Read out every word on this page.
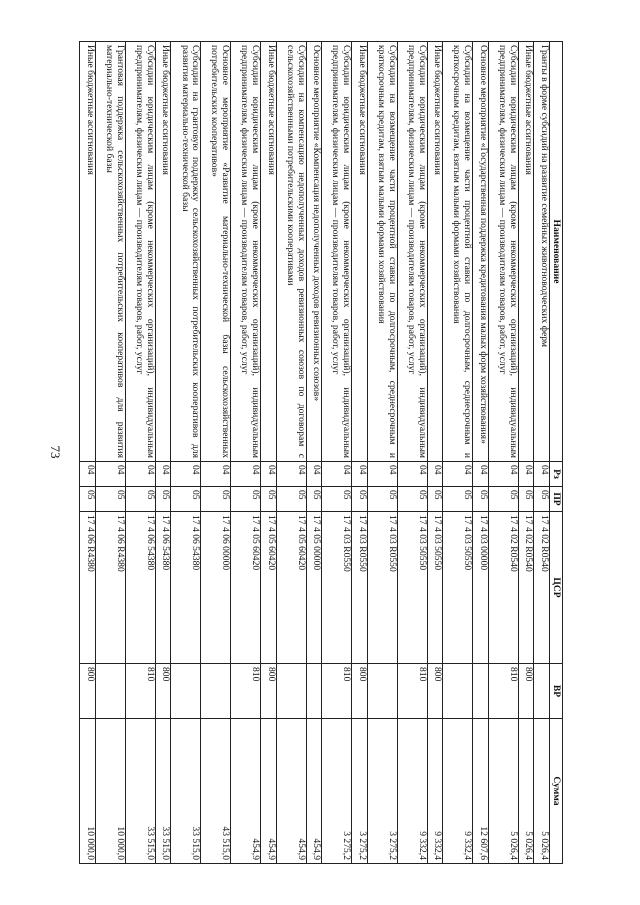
73
Наименование	Рз	ПР	ЦСР	ВР	Сумма
Гранты в форме субсидий на развитие семейных животноводческих ферм	04	05	17 4 02 R0540		5 026,4
Иные бюджетные ассигнования	04	05	17 4 02 R0540	800	5 026,4
Субсидии юридическим лицам (кроме некоммерческих организаций), индивидуальным предпринимателям, физическим лицам — производителям товаров, работ, услуг	04	05	17 4 02 R0540	810	5 026,4
Основное мероприятие «Государственная поддержка кредитования малых форм хозяйствования»	04	05	17 4 03 00000		12 607,6
Субсидии на возмещение части процентной ставки по долгосрочным, среднесрочным и краткосрочным кредитам, взятым малыми формами хозяйствования	04	05	17 4 03 50550		9 332,4
Иные бюджетные ассигнования	04	05	17 4 03 50550	800	9 332,4
Субсидии юридическим лицам (кроме некоммерческих организаций), индивидуальным предпринимателям, физическим лицам — производителям товаров, работ, услуг	04	05	17 4 03 50550	810	9 332,4
Субсидии на возмещение части процентной ставки по долгосрочным, среднесрочным и краткосрочным кредитам, взятым малыми формами хозяйствования	04	05	17 4 03 R0550		3 275,2
Иные бюджетные ассигнования	04	05	17 4 03 R0550	800	3 275,2
Субсидии юридическим лицам (кроме некоммерческих организаций), индивидуальным предпринимателям, физическим лицам — производителям товаров, работ, услуг	04	05	17 4 03 R0550	810	3 275,2
Основное мероприятие «Компенсация недополученных доходов ревизионных союзов»	04	05	17 4 05 00000		454,9
Субсидии на компенсацию недополученных доходов ревизионных союзов по договорам с сельскохозяйственными потребительскими кооперативами	04	05	17 4 05 60420		454,9
Иные бюджетные ассигнования	04	05	17 4 05 60420	800	454,9
Субсидии юридическим лицам (кроме некоммерческих организаций), индивидуальным предпринимателям, физическим лицам — производителям товаров, работ, услуг	04	05	17 4 05 60420	810	454,9
Основное мероприятие «Развитие материально-технической базы сельскохозяйственных потребительских кооперативов»	04	05	17 4 06 00000		43 515,0
Субсидии на грантовую поддержку сельскохозяйственных потребительских кооперативов для развития материально-технической базы	04	05	17 4 06 54380		33 515,0
Иные бюджетные ассигнования	04	05	17 4 06 54380	800	33 515,0
Субсидии юридическим лицам (кроме некоммерческих организаций), индивидуальным предпринимателям, физическим лицам — производителям товаров, работ, услуг	04	05	17 4 06 54380	810	33 515,0
Грантовая поддержка сельскохозяйственных потребительских кооперативов для развития материально-технической базы	04	05	17 4 06 R4380		10 000,0
Иные бюджетные ассигнования	04	05	17 4 06 R4380	800	10 000,0
